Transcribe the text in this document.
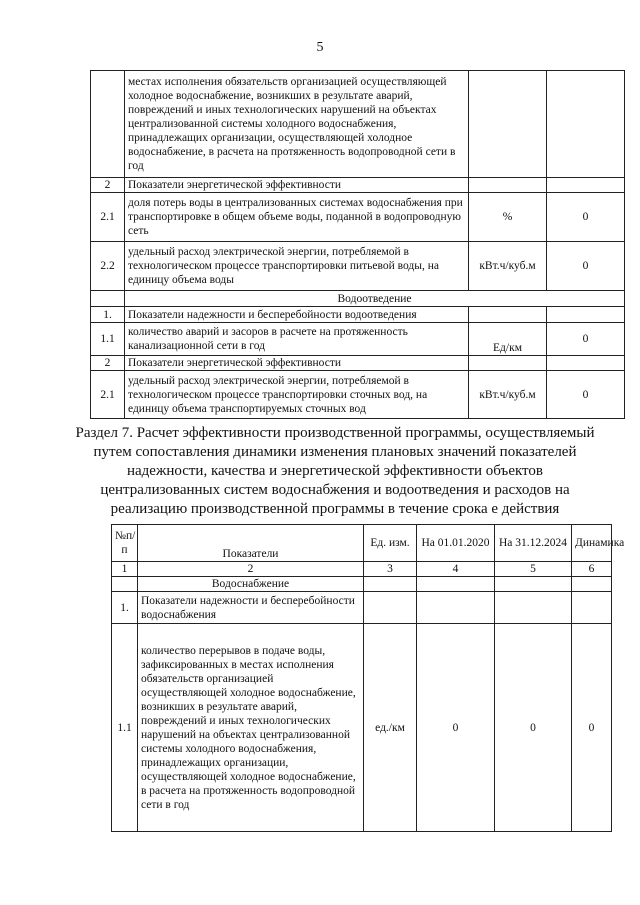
5
	местах исполнения обязательств организацией осуществляющей холодное водоснабжение, возникших в результате аварий, повреждений и иных технологических нарушений на объектах централизованной системы холодного водоснабжения, принадлежащих организации, осуществляющей холодное водоснабжение, в расчета на протяженность водопроводной сети в год		
2	Показатели энергетической эффективности		
2.1	доля потерь воды в централизованных системах водоснабжения при транспортировке в общем объеме воды, поданной в водопроводную сеть	%	0
2.2	удельный расход электрической энергии, потребляемой в технологическом процессе транспортировки питьевой воды, на единицу объема воды	кВт.ч/куб.м	0
	Водоотведение		
1.	Показатели надежности и бесперебойности водоотведения		
1.1	количество аварий и засоров в расчете на протяженность канализационной сети в год	Ед/км	0
2	Показатели энергетической эффективности		
2.1	удельный расход электрической энергии, потребляемой в технологическом процессе транспортировки сточных вод, на единицу объема транспортируемых сточных вод	кВт.ч/куб.м	0
Раздел 7. Расчет эффективности производственной программы, осуществляемый путем сопоставления динамики изменения плановых значений показателей надежности, качества и энергетической эффективности объектов централизованных систем водоснабжения и водоотведения и расходов на реализацию производственной программы в течение срока е действия
№п/п	Показатели	Ед. изм.	На 01.01.2020	На 31.12.2024	Динамика
1	2	3	4	5	6
	Водоснабжение				
1.	Показатели надежности и бесперебойности водоснабжения				
1.1	количество перерывов в подаче воды, зафиксированных в местах исполнения обязательств организацией осуществляющей холодное водоснабжение, возникших в результате аварий, повреждений и иных технологических нарушений на объектах централизованной системы холодного водоснабжения, принадлежащих организации, осуществляющей холодное водоснабжение, в расчета на протяженность водопроводной сети в год	ед./км	0	0	0
